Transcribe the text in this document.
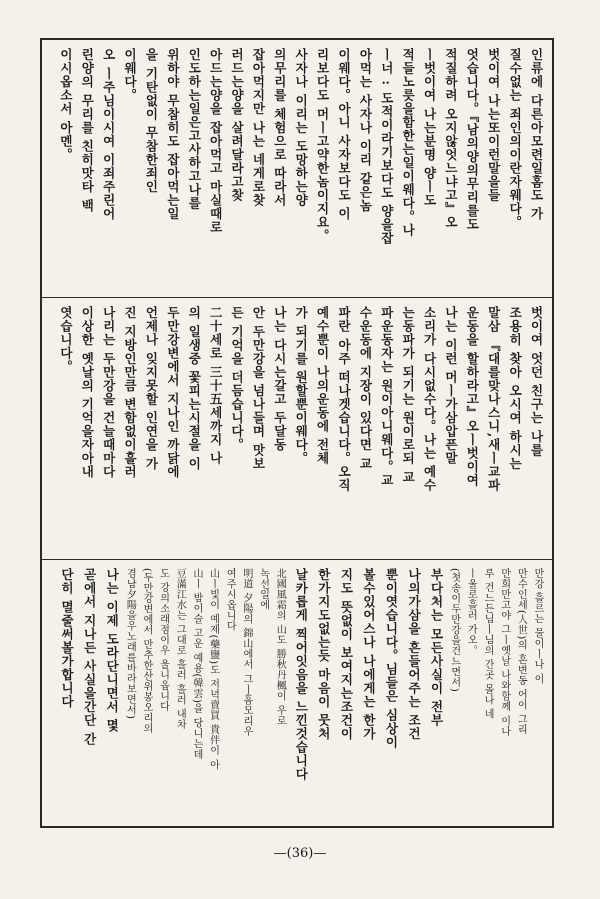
인류에 다른아모련일홈도 가
질수없는 죄인의이란자웨다。
벗이여 나는또이런말을들
엇습니다。『남의양의무리를도
적질하려 오지않엇느냐고』오
ㅣ벗이여 나는분명 양ㅣ도
적들노릇을함한는일이웨다。나
ㅣ너 : 도적이라기보다도 양을잡
아먹는 사자나 이리 같은놈
이웨다。아니 사자보다도 이
리보다도 머ㅣ고약한놈이지요。
사자나 이리는 도망하는양
의무리를 체험으로 따라서
잡아먹지만 나는 네게로찾
러드는양을 살려달라고찾
아드는양을 잡아먹고 마실때로
인도하는일은고사하고나를
위하야 무참히도 잡아먹는일
을 기탄없이 무참한죄인
이웨다。
오 ㅣ주님이시여 이죄주린어
린양의 무리를 친히맛타 백
이시옵소서 아멘。
벗이여 엇던 친구는 나를
조용히 찾아 오시여 하시는
말삼 『대를맞나스니,새ㅣ교파
운동을 할하라고』오ㅣ벗이여
나는 이런 머ㅣ가삼압픈말
소리가 다시없수다。나는 예수
는동파가 되기는 원이로되 교
파운동자는 원이아니웨다。교
수운동에 지장이 있다면 교
파란 아주 떠나겟습니다。오직
예수뿐이 나의운동에 전체
가 되기를 원할뿐이웨다。
나는 다시는갈고 두달동
안 두만강을 넘나들며 맛보
든 기억을 더듬습니다。
二十세로 三十五세까지 나
의 일생중 꽃피는시절을 이
두만강변에서 지나인 까닭에
언제나 잊지못할 인연을 가
진 지방인만큼 변함없이흘러
나리는 두만강을 건늘때마다
이상한 옛날의 기억을자아내
엿습니다。
만강 흘르는 물이ㅣ나 이
만수인세(人世)의 흔변동 어이 그리
만희만고야 그ㅣ옛날 나와함께 이나
루 건느든님ㅣ님의 간곳 몰나 네
ㅣ울로흘러 가오。
(첫송이두만강을건느면서)
부다처는 모든사실이 전부
나의가삼을 흔들어주는 조건
뿐이엿습니다。님들은 심상이
볼수있어스나 나에게는 한가
지도 뜻없이 보여지는조건이
한가지도없는듯 마음이 뭇처
날카롭게 찍어잇음을 느낀것습니다
北國風霜의 山도 勝秋丹楓이 우로
녹선일에
明道 夕陽의 錦山에서 그ㅣ흠모리우
여주시옵니다
山ㅣ빛이 예제(藥鹽)도 저녁賣買 貴伴이 아
山ㅣ 밤이슬 고운 예용(韓雲)을 당니는데
豆滿江水는 그대로 흘러 흘러 내차
도 강의소래점이우 울니옵니다
(두만강변에서 만추한산위봉오리의
겸남夕陽을우노래를바라보면서)
나는 이제 도라단니면서 몇
곧에서 지나든 사실을간단 간
단히 멸줄써볼가합니다
—(36)—
